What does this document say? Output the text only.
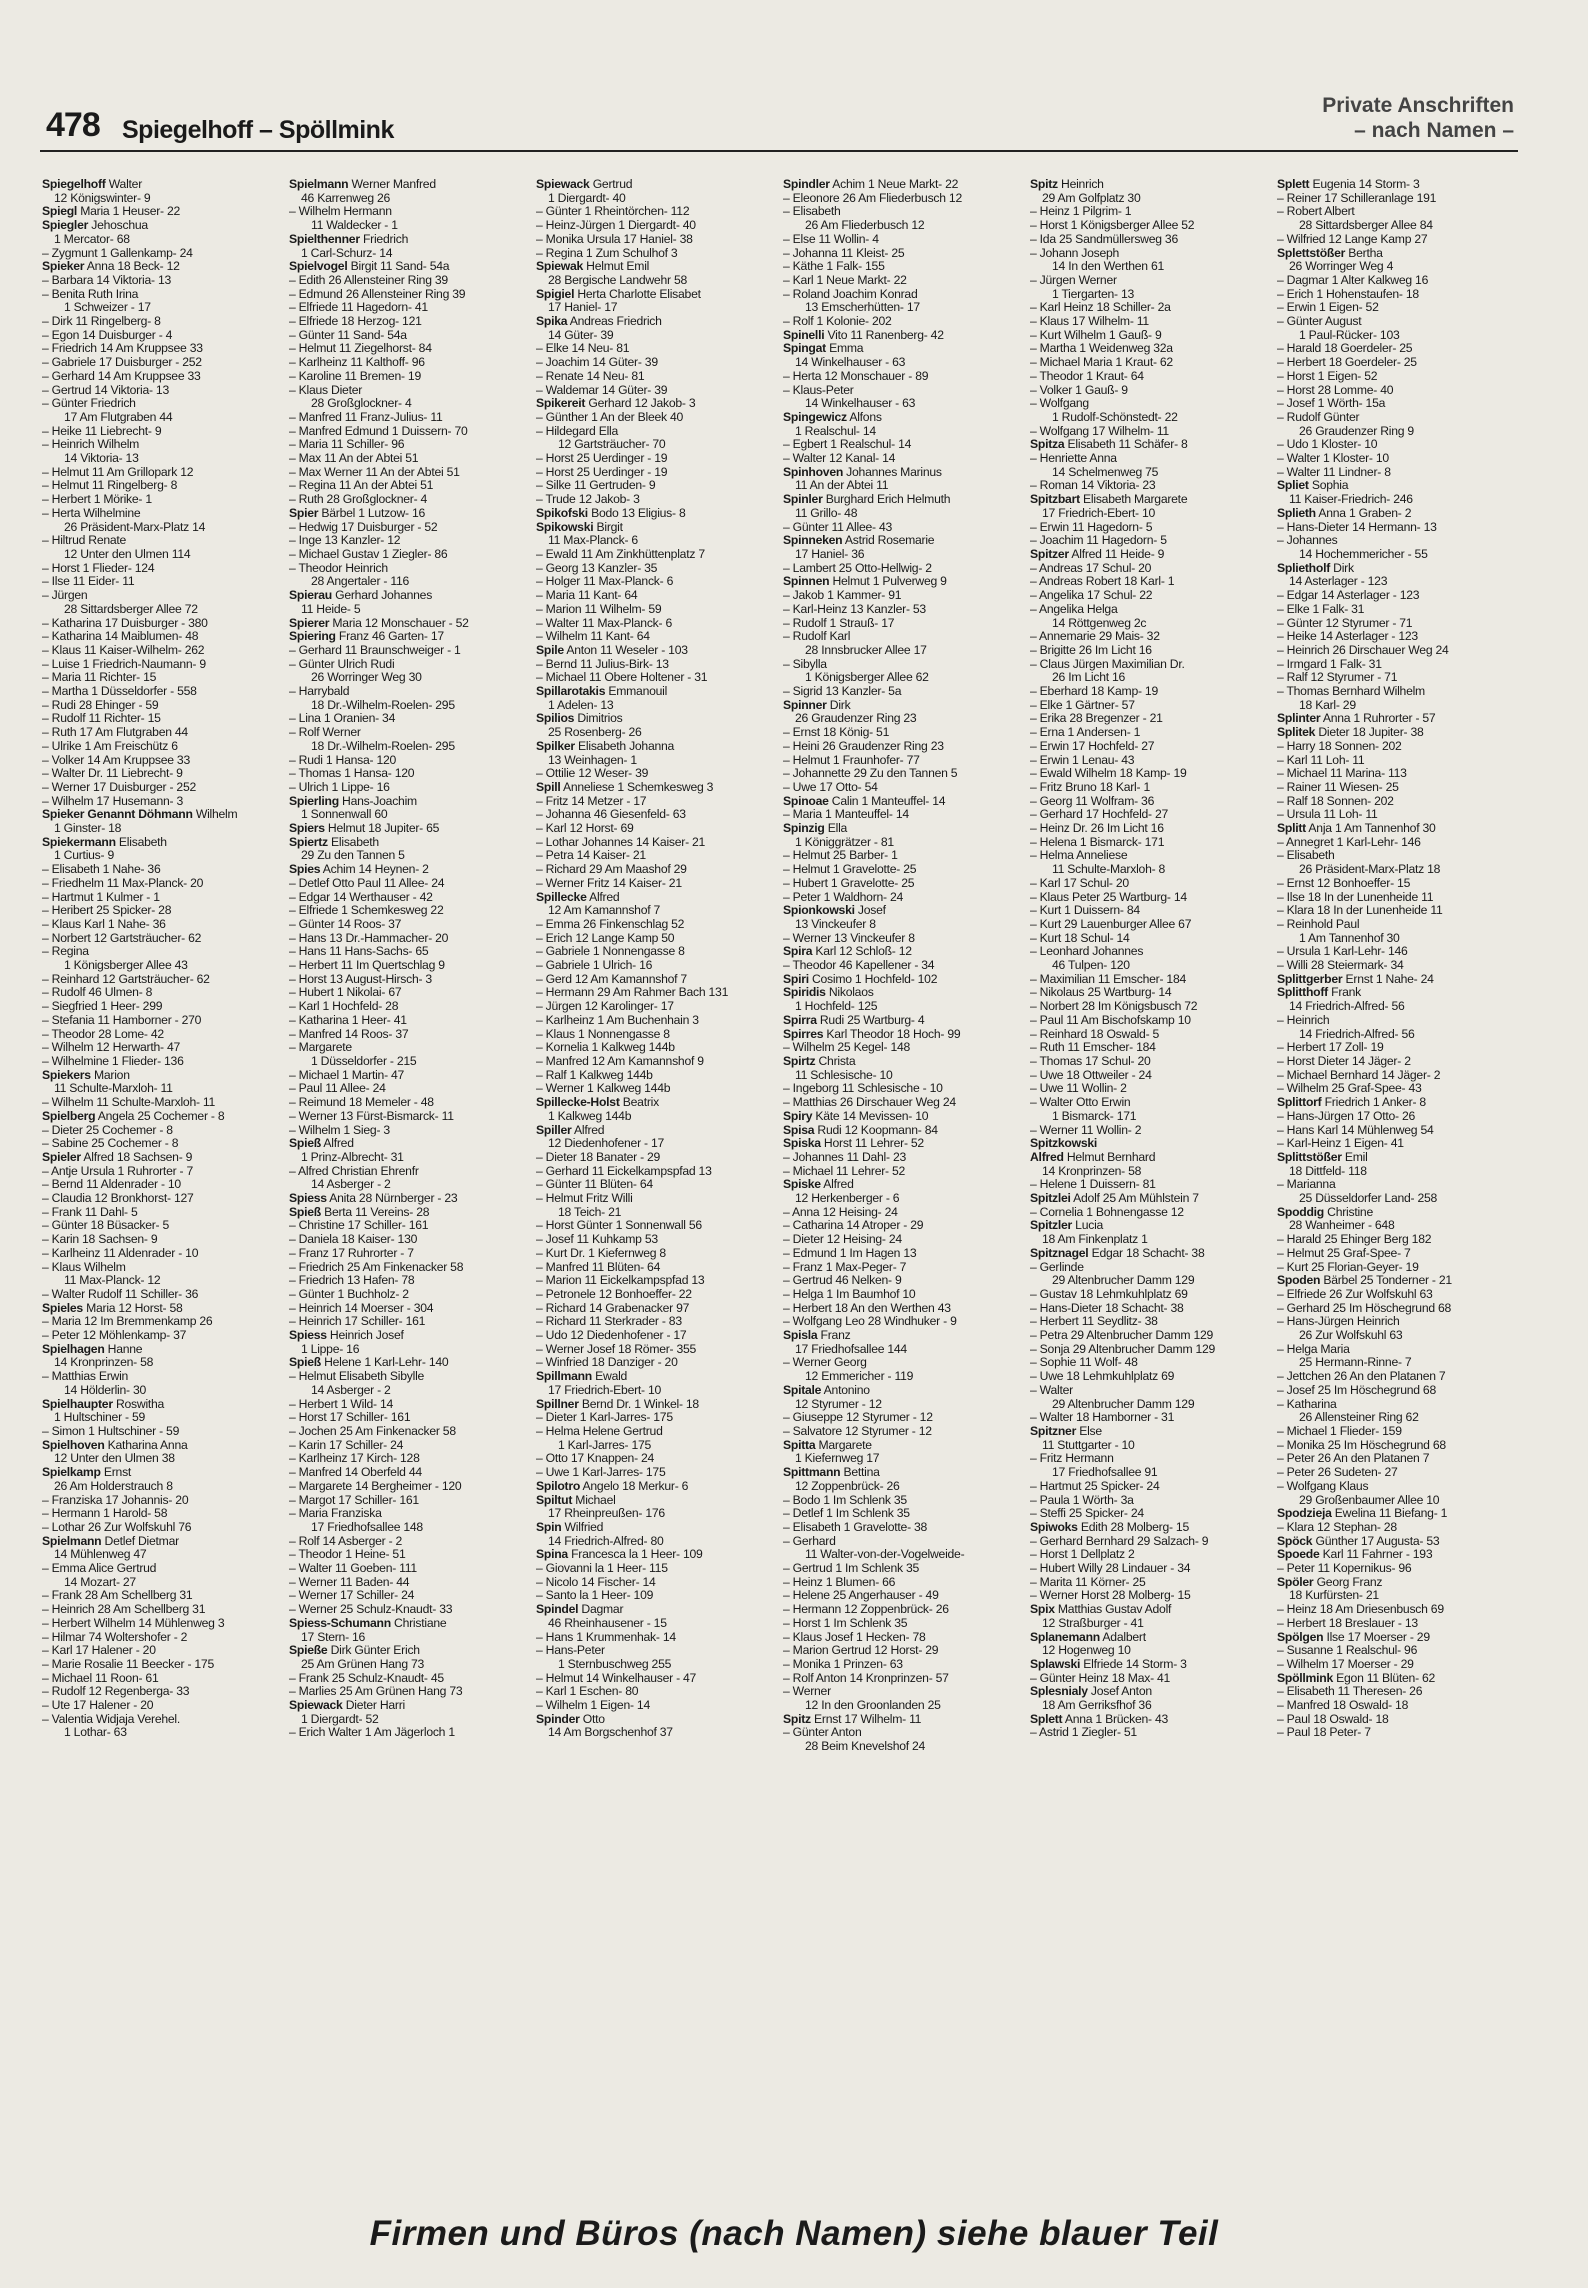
478 Spiegelhoff – Spöllmink
Private Anschriften
– nach Namen –
Spiegelhoff Walter
12 Königswinter- 9
Spiegl Maria 1 Heuser- 22
Spiegler Jehoschua
1 Mercator- 68
– Zygmunt 1 Gallenkamp- 24
Spieker Anna 18 Beck- 12
– Barbara 14 Viktoria- 13
– Benita Ruth Irina
1 Schweizer - 17
– Dirk 11 Ringelberg- 8
– Egon 14 Duisburger - 4
– Friedrich 14 Am Kruppsee 33
– Gabriele 17 Duisburger - 252
– Gerhard 14 Am Kruppsee 33
– Gertrud 14 Viktoria- 13
– Günter Friedrich
17 Am Flutgraben 44
– Heike 11 Liebrecht- 9
– Heinrich Wilhelm
14 Viktoria- 13
– Helmut 11 Am Grillopark 12
– Helmut 11 Ringelberg- 8
– Herbert 1 Mörike- 1
– Herta Wilhelmine
26 Präsident-Marx-Platz 14
– Hiltrud Renate
12 Unter den Ulmen 114
– Horst 1 Flieder- 124
– Ilse 11 Eider- 11
– Jürgen
28 Sittardsberger Allee 72
– Katharina 17 Duisburger - 380
– Katharina 14 Maiblumen- 48
– Klaus 11 Kaiser-Wilhelm- 262
– Luise 1 Friedrich-Naumann- 9
– Maria 11 Richter- 15
– Martha 1 Düsseldorfer - 558
– Rudi 28 Ehinger - 59
– Rudolf 11 Richter- 15
– Ruth 17 Am Flutgraben 44
– Ulrike 1 Am Freischütz 6
– Volker 14 Am Kruppsee 33
– Walter Dr. 11 Liebrecht- 9
– Werner 17 Duisburger - 252
– Wilhelm 17 Husemann- 3
Spieker Genannt Döhmann Wilhelm
1 Ginster- 18
Spiekermann Elisabeth
1 Curtius- 9
– Elisabeth 1 Nahe- 36
– Friedhelm 11 Max-Planck- 20
– Hartmut 1 Kulmer - 1
– Heribert 25 Spicker- 28
– Klaus Karl 1 Nahe- 36
– Norbert 12 Gartsträucher- 62
– Regina
1 Königsberger Allee 43
– Reinhard 12 Gartsträucher- 62
– Rudolf 46 Ulmen- 8
– Siegfried 1 Heer- 299
– Stefania 11 Hamborner - 270
– Theodor 28 Lome- 42
– Wilhelm 12 Herwarth- 47
– Wilhelmine 1 Flieder- 136
Spiekers Marion
11 Schulte-Marxloh- 11
– Wilhelm 11 Schulte-Marxloh- 11
Spielberg Angela 25 Cochemer - 8
– Dieter 25 Cochemer - 8
– Sabine 25 Cochemer - 8
Spieler Alfred 18 Sachsen- 9
– Antje Ursula 1 Ruhrorter - 7
– Bernd 11 Aldenrader - 10
– Claudia 12 Bronkhorst- 127
– Frank 11 Dahl- 5
– Günter 18 Büsacker- 5
– Karin 18 Sachsen- 9
– Karlheinz 11 Aldenrader - 10
– Klaus Wilhelm
11 Max-Planck- 12
– Walter Rudolf 11 Schiller- 36
Spieles Maria 12 Horst- 58
– Maria 12 Im Bremmenkamp 26
– Peter 12 Möhlenkamp- 37
Spielhagen Hanne
14 Kronprinzen- 58
– Matthias Erwin
14 Hölderlin- 30
Spielhaupter Roswitha
1 Hultschiner - 59
– Simon 1 Hultschiner - 59
Spielhoven Katharina Anna
12 Unter den Ulmen 38
Spielkamp Ernst
26 Am Holderstrauch 8
– Franziska 17 Johannis- 20
– Hermann 1 Harold- 58
– Lothar 26 Zur Wolfskuhl 76
Spielmann Detlef Dietmar
14 Mühlenweg 47
– Emma Alice Gertrud
14 Mozart- 27
– Frank 28 Am Schellberg 31
– Heinrich 28 Am Schellberg 31
– Herbert Wilhelm 14 Mühlenweg 3
– Hilmar 74 Woltershofer - 2
– Karl 17 Halener - 20
– Marie Rosalie 11 Beecker - 175
– Michael 11 Roon- 61
– Rudolf 12 Regenberga- 33
– Ute 17 Halener - 20
– Valentia Widjaja Verehel.
1 Lothar- 63
Spielmann Werner Manfred
46 Karrenweg 26
– Wilhelm Hermann
11 Waldecker - 1
Spielthenner Friedrich
1 Carl-Schurz- 14
Spielvogel Birgit 11 Sand- 54a
– Edith 26 Allensteiner Ring 39
– Edmund 26 Allensteiner Ring 39
– Elfriede 11 Hagedorn- 41
– Elfriede 18 Herzog- 121
– Günter 11 Sand- 54a
– Helmut 11 Ziegelhorst- 84
– Karlheinz 11 Kalthoff- 96
– Karoline 11 Bremen- 19
– Klaus Dieter
28 Großglockner- 4
– Manfred 11 Franz-Julius- 11
– Manfred Edmund 1 Duissern- 70
– Maria 11 Schiller- 96
– Max 11 An der Abtei 51
– Max Werner 11 An der Abtei 51
– Regina 11 An der Abtei 51
– Ruth 28 Großglockner- 4
Spier Bärbel 1 Lutzow- 16
– Hedwig 17 Duisburger - 52
– Inge 13 Kanzler- 12
– Michael Gustav 1 Ziegler- 86
– Theodor Heinrich
28 Angertaler - 116
Spierau Gerhard Johannes
11 Heide- 5
Spierer Maria 12 Monschauer - 52
Spiering Franz 46 Garten- 17
– Gerhard 11 Braunschweiger - 1
– Günter Ulrich Rudi
26 Worringer Weg 30
– Harrybald
18 Dr.-Wilhelm-Roelen- 295
– Lina 1 Oranien- 34
– Rolf Werner
18 Dr.-Wilhelm-Roelen- 295
– Rudi 1 Hansa- 120
– Thomas 1 Hansa- 120
– Ulrich 1 Lippe- 16
Spierling Hans-Joachim
1 Sonnenwall 60
Spiers Helmut 18 Jupiter- 65
Spiertz Elisabeth
29 Zu den Tannen 5
Spies Achim 14 Heynen- 2
– Detlef Otto Paul 11 Allee- 24
– Edgar 14 Werthauser - 42
– Elfriede 1 Schemkesweg 22
– Günter 14 Roos- 37
– Hans 13 Dr.-Hammacher- 20
– Hans 11 Hans-Sachs- 65
– Herbert 11 Im Quertschlag 9
– Horst 13 August-Hirsch- 3
– Hubert 1 Nikolai- 67
– Karl 1 Hochfeld- 28
– Katharina 1 Heer- 41
– Manfred 14 Roos- 37
– Margarete
1 Düsseldorfer - 215
– Michael 1 Martin- 47
– Paul 11 Allee- 24
– Reimund 18 Memeler - 48
– Werner 13 Fürst-Bismarck- 11
– Wilhelm 1 Sieg- 3
Spieß Alfred
1 Prinz-Albrecht- 31
– Alfred Christian Ehrenfr
14 Asberger - 2
Spiess Anita 28 Nürnberger - 23
Spieß Berta 11 Vereins- 28
– Christine 17 Schiller- 161
– Daniela 18 Kaiser- 130
– Franz 17 Ruhrorter - 7
– Friedrich 25 Am Finkenacker 58
– Friedrich 13 Hafen- 78
– Günter 1 Buchholz- 2
– Heinrich 14 Moerser - 304
– Heinrich 17 Schiller- 161
Spiess Heinrich Josef
1 Lippe- 16
Spieß Helene 1 Karl-Lehr- 140
– Helmut Elisabeth Sibylle
14 Asberger - 2
– Herbert 1 Wild- 14
– Horst 17 Schiller- 161
– Jochen 25 Am Finkenacker 58
– Karin 17 Schiller- 24
– Karlheinz 17 Kirch- 128
– Manfred 14 Oberfeld 44
– Margarete 14 Bergheimer - 120
– Margot 17 Schiller- 161
– Maria Franziska
17 Friedhofsallee 148
– Rolf 14 Asberger - 2
– Theodor 1 Heine- 51
– Walter 11 Goeben- 111
– Werner 11 Baden- 44
– Werner 17 Schiller- 24
– Werner 25 Schulz-Knaudt- 33
Spiess-Schumann Christiane
17 Stern- 16
Spieße Dirk Günter Erich
25 Am Grünen Hang 73
– Frank 25 Schulz-Knaudt- 45
– Marlies 25 Am Grünen Hang 73
Spiewack Dieter Harri
1 Diergardt- 52
– Erich Walter 1 Am Jägerloch 1
Spiewack Gertrud
1 Diergardt- 40
– Günter 1 Rheintörchen- 112
– Heinz-Jürgen 1 Diergardt- 40
– Monika Ursula 17 Haniel- 38
– Regina 1 Zum Schulhof 3
Spiewak Helmut Emil
28 Bergische Landwehr 58
Spigiel Herta Charlotte Elisabet
17 Haniel- 17
Spika Andreas Friedrich
14 Güter- 39
– Elke 14 Neu- 81
– Joachim 14 Güter- 39
– Renate 14 Neu- 81
– Waldemar 14 Güter- 39
Spikereit Gerhard 12 Jakob- 3
– Günther 1 An der Bleek 40
– Hildegard Ella
12 Gartsträucher- 70
– Horst 25 Uerdinger - 19
– Horst 25 Uerdinger - 19
– Silke 11 Gertruden- 9
– Trude 12 Jakob- 3
Spikofski Bodo 13 Eligius- 8
Spikowski Birgit
11 Max-Planck- 6
– Ewald 11 Am Zinkhüttenplatz 7
– Georg 13 Kanzler- 35
– Holger 11 Max-Planck- 6
– Maria 11 Kant- 64
– Marion 11 Wilhelm- 59
– Walter 11 Max-Planck- 6
– Wilhelm 11 Kant- 64
Spile Anton 11 Weseler - 103
– Bernd 11 Julius-Birk- 13
– Michael 11 Obere Holtener - 31
Spillarotakis Emmanouil
1 Adelen- 13
Spilios Dimitrios
25 Rosenberg- 26
Spilker Elisabeth Johanna
13 Weinhagen- 1
– Ottilie 12 Weser- 39
Spill Anneliese 1 Schemkesweg 3
– Fritz 14 Metzer - 17
– Johanna 46 Giesenfeld- 63
– Karl 12 Horst- 69
– Lothar Johannes 14 Kaiser- 21
– Petra 14 Kaiser- 21
– Richard 29 Am Maashof 29
– Werner Fritz 14 Kaiser- 21
Spillecke Alfred
12 Am Kamannshof 7
– Emma 26 Finkenschlag 52
– Erich 12 Lange Kamp 50
– Gabriele 1 Nonnengasse 8
– Gabriele 1 Ulrich- 16
– Gerd 12 Am Kamannshof 7
– Hermann 29 Am Rahmer Bach 131
– Jürgen 12 Karolinger- 17
– Karlheinz 1 Am Buchenhain 3
– Klaus 1 Nonnengasse 8
– Kornelia 1 Kalkweg 144b
– Manfred 12 Am Kamannshof 9
– Ralf 1 Kalkweg 144b
– Werner 1 Kalkweg 144b
Spillecke-Holst Beatrix
1 Kalkweg 144b
Spiller Alfred
12 Diedenhofener - 17
– Dieter 18 Banater - 29
– Gerhard 11 Eickelkampspfad 13
– Günter 11 Blüten- 64
– Helmut Fritz Willi
18 Teich- 21
– Horst Günter 1 Sonnenwall 56
– Josef 11 Kuhkamp 53
– Kurt Dr. 1 Kiefernweg 8
– Manfred 11 Blüten- 64
– Marion 11 Eickelkampspfad 13
– Petronele 12 Bonhoeffer- 22
– Richard 14 Grabenacker 97
– Richard 11 Sterkrader - 83
– Udo 12 Diedenhofener - 17
– Werner Josef 18 Römer- 355
– Winfried 18 Danziger - 20
Spillmann Ewald
17 Friedrich-Ebert- 10
Spillner Bernd Dr. 1 Winkel- 18
– Dieter 1 Karl-Jarres- 175
– Helma Helene Gertrud
1 Karl-Jarres- 175
– Otto 17 Knappen- 24
– Uwe 1 Karl-Jarres- 175
Spilotro Angelo 18 Merkur- 6
Spiltut Michael
17 Rheinpreußen- 176
Spin Wilfried
14 Friedrich-Alfred- 80
Spina Francesca la 1 Heer- 109
– Giovanni la 1 Heer- 115
– Nicolo 14 Fischer- 14
– Santo la 1 Heer- 109
Spindel Dagmar
46 Rheinhausener - 15
– Hans 1 Krummenhak- 14
– Hans-Peter
1 Sternbuschweg 255
– Helmut 14 Winkelhauser - 47
– Karl 1 Eschen- 80
– Wilhelm 1 Eigen- 14
Spinder Otto
14 Am Borgschenhof 37
Spindler Achim 1 Neue Markt- 22
– Eleonore 26 Am Fliederbusch 12
– Elisabeth
26 Am Fliederbusch 12
– Else 11 Wollin- 4
– Johanna 11 Kleist- 25
– Käthe 1 Falk- 155
– Karl 1 Neue Markt- 22
– Roland Joachim Konrad
13 Emscherhütten- 17
– Rolf 1 Kolonie- 202
Spinelli Vito 11 Ranenberg- 42
Spingat Emma
14 Winkelhauser - 63
– Herta 12 Monschauer - 89
– Klaus-Peter
14 Winkelhauser - 63
Spingewicz Alfons
1 Realschul- 14
– Egbert 1 Realschul- 14
– Walter 12 Kanal- 14
Spinhoven Johannes Marinus
11 An der Abtei 11
Spinler Burghard Erich Helmuth
11 Grillo- 48
– Günter 11 Allee- 43
Spinneken Astrid Rosemarie
17 Haniel- 36
– Lambert 25 Otto-Hellwig- 2
Spinnen Helmut 1 Pulverweg 9
– Jakob 1 Kammer- 91
– Karl-Heinz 13 Kanzler- 53
– Rudolf 1 Strauß- 17
– Rudolf Karl
28 Innsbrucker Allee 17
– Sibylla
1 Königsberger Allee 62
– Sigrid 13 Kanzler- 5a
Spinner Dirk
26 Graudenzer Ring 23
– Ernst 18 König- 51
– Heini 26 Graudenzer Ring 23
– Helmut 1 Fraunhofer- 77
– Johannette 29 Zu den Tannen 5
– Uwe 17 Otto- 54
Spinoae Calin 1 Manteuffel- 14
– Maria 1 Manteuffel- 14
Spinzig Ella
1 Königgrätzer - 81
– Helmut 25 Barber- 1
– Helmut 1 Gravelotte- 25
– Hubert 1 Gravelotte- 25
– Peter 1 Waldhorn- 24
Spionkowski Josef
13 Vinckeufer 8
– Werner 13 Vinckeufer 8
Spira Karl 12 Schloß- 12
– Theodor 46 Kapellener - 34
Spiri Cosimo 1 Hochfeld- 102
Spiridis Nikolaos
1 Hochfeld- 125
Spirra Rudi 25 Wartburg- 4
Spirres Karl Theodor 18 Hoch- 99
– Wilhelm 25 Kegel- 148
Spirtz Christa
11 Schlesische- 10
– Ingeborg 11 Schlesische - 10
– Matthias 26 Dirschauer Weg 24
Spiry Käte 14 Mevissen- 10
Spisa Rudi 12 Koopmann- 84
Spiska Horst 11 Lehrer- 52
– Johannes 11 Dahl- 23
– Michael 11 Lehrer- 52
Spiske Alfred
12 Herkenberger - 6
– Anna 12 Heising- 24
– Catharina 14 Atroper - 29
– Dieter 12 Heising- 24
– Edmund 1 Im Hagen 13
– Franz 1 Max-Peger- 7
– Gertrud 46 Nelken- 9
– Helga 1 Im Baumhof 10
– Herbert 18 An den Werthen 43
– Wolfgang Leo 28 Windhuker - 9
Spisla Franz
17 Friedhofsallee 144
– Werner Georg
12 Emmericher - 119
Spitale Antonino
12 Styrumer - 12
– Giuseppe 12 Styrumer - 12
– Salvatore 12 Styrumer - 12
Spitta Margarete
1 Kiefernweg 17
Spittmann Bettina
12 Zoppenbrück- 26
– Bodo 1 Im Schlenk 35
– Detlef 1 Im Schlenk 35
– Elisabeth 1 Gravelotte- 38
– Gerhard
11 Walter-von-der-Vogelweide-
– Gertrud 1 Im Schlenk 35
– Heinz 1 Blumen- 66
– Helene 25 Angerhauser - 49
– Hermann 12 Zoppenbrück- 26
– Horst 1 Im Schlenk 35
– Klaus Josef 1 Hecken- 78
– Marion Gertrud 12 Horst- 29
– Monika 1 Prinzen- 63
– Rolf Anton 14 Kronprinzen- 57
– Werner
12 In den Groonlanden 25
Spitz Ernst 17 Wilhelm- 11
– Günter Anton
28 Beim Knevelshof 24
Spitz Heinrich
29 Am Golfplatz 30
– Heinz 1 Pilgrim- 1
– Horst 1 Königsberger Allee 52
– Ida 25 Sandmüllersweg 36
– Johann Joseph
14 In den Werthen 61
– Jürgen Werner
1 Tiergarten- 13
– Karl Heinz 18 Schiller- 2a
– Klaus 17 Wilhelm- 11
– Kurt Wilhelm 1 Gauß- 9
– Martha 1 Weidenweg 32a
– Michael Maria 1 Kraut- 62
– Theodor 1 Kraut- 64
– Volker 1 Gauß- 9
– Wolfgang
1 Rudolf-Schönstedt- 22
– Wolfgang 17 Wilhelm- 11
Spitza Elisabeth 11 Schäfer- 8
– Henriette Anna
14 Schelmenweg 75
– Roman 14 Viktoria- 23
Spitzbart Elisabeth Margarete
17 Friedrich-Ebert- 10
– Erwin 11 Hagedorn- 5
– Joachim 11 Hagedorn- 5
Spitzer Alfred 11 Heide- 9
– Andreas 17 Schul- 20
– Andreas Robert 18 Karl- 1
– Angelika 17 Schul- 22
– Angelika Helga
14 Röttgenweg 2c
– Annemarie 29 Mais- 32
– Brigitte 26 Im Licht 16
– Claus Jürgen Maximilian Dr.
26 Im Licht 16
– Eberhard 18 Kamp- 19
– Elke 1 Gärtner- 57
– Erika 28 Bregenzer - 21
– Erna 1 Andersen- 1
– Erwin 17 Hochfeld- 27
– Erwin 1 Lenau- 43
– Ewald Wilhelm 18 Kamp- 19
– Fritz Bruno 18 Karl- 1
– Georg 11 Wolfram- 36
– Gerhard 17 Hochfeld- 27
– Heinz Dr. 26 Im Licht 16
– Helena 1 Bismarck- 171
– Helma Anneliese
11 Schulte-Marxloh- 8
– Karl 17 Schul- 20
– Klaus Peter 25 Wartburg- 14
– Kurt 1 Duissern- 84
– Kurt 29 Lauenburger Allee 67
– Kurt 18 Schul- 14
– Leonhard Johannes
46 Tulpen- 120
– Maximilian 11 Emscher- 184
– Nikolaus 25 Wartburg- 14
– Norbert 28 Im Königsbusch 72
– Paul 11 Am Bischofskamp 10
– Reinhard 18 Oswald- 5
– Ruth 11 Emscher- 184
– Thomas 17 Schul- 20
– Uwe 18 Ottweiler - 24
– Uwe 11 Wollin- 2
– Walter Otto Erwin
1 Bismarck- 171
– Werner 11 Wollin- 2
Spitzkowski
Alfred Helmut Bernhard
14 Kronprinzen- 58
– Helene 1 Duissern- 81
Spitzlei Adolf 25 Am Mühlstein 7
– Cornelia 1 Bohnengasse 12
Spitzler Lucia
18 Am Finkenplatz 1
Spitznagel Edgar 18 Schacht- 38
– Gerlinde
29 Altenbrucher Damm 129
– Gustav 18 Lehmkuhlplatz 69
– Hans-Dieter 18 Schacht- 38
– Herbert 11 Seydlitz- 38
– Petra 29 Altenbrucher Damm 129
– Sonja 29 Altenbrucher Damm 129
– Sophie 11 Wolf- 48
– Uwe 18 Lehmkuhlplatz 69
– Walter
29 Altenbrucher Damm 129
– Walter 18 Hamborner - 31
Spitzner Else
11 Stuttgarter - 10
– Fritz Hermann
17 Friedhofsallee 91
– Hartmut 25 Spicker- 24
– Paula 1 Wörth- 3a
– Steffi 25 Spicker- 24
Spiwoks Edith 28 Molberg- 15
– Gerhard Bernhard 29 Salzach- 9
– Horst 1 Dellplatz 2
– Hubert Willy 28 Lindauer - 34
– Marita 11 Körner- 25
– Werner Horst 28 Molberg- 15
Spix Matthias Gustav Adolf
12 Straßburger - 41
Splanemann Adalbert
12 Hogenweg 10
Splawski Elfriede 14 Storm- 3
– Günter Heinz 18 Max- 41
Splesnialy Josef Anton
18 Am Gerriksfhof 36
Splett Anna 1 Brücken- 43
– Astrid 1 Ziegler- 51
Splett Eugenia 14 Storm- 3
– Reiner 17 Schilleranlage 191
– Robert Albert
28 Sittardsberger Allee 84
– Wilfried 12 Lange Kamp 27
Splettstößer Bertha
26 Worringer Weg 4
– Dagmar 1 Alter Kalkweg 16
– Erich 1 Hohenstaufen- 18
– Erwin 1 Eigen- 52
– Günter August
1 Paul-Rücker- 103
– Harald 18 Goerdeler- 25
– Herbert 18 Goerdeler- 25
– Horst 1 Eigen- 52
– Horst 28 Lomme- 40
– Josef 1 Wörth- 15a
– Rudolf Günter
26 Graudenzer Ring 9
– Udo 1 Kloster- 10
– Walter 1 Kloster- 10
– Walter 11 Lindner- 8
Spliet Sophia
11 Kaiser-Friedrich- 246
Splieth Anna 1 Graben- 2
– Hans-Dieter 14 Hermann- 13
– Johannes
14 Hochemmericher - 55
Splietholf Dirk
14 Asterlager - 123
– Edgar 14 Asterlager - 123
– Elke 1 Falk- 31
– Günter 12 Styrumer - 71
– Heike 14 Asterlager - 123
– Heinrich 26 Dirschauer Weg 24
– Irmgard 1 Falk- 31
– Ralf 12 Styrumer - 71
– Thomas Bernhard Wilhelm
18 Karl- 29
Splinter Anna 1 Ruhrorter - 57
Splitek Dieter 18 Jupiter- 38
– Harry 18 Sonnen- 202
– Karl 11 Loh- 11
– Michael 11 Marina- 113
– Rainer 11 Wiesen- 25
– Ralf 18 Sonnen- 202
– Ursula 11 Loh- 11
Splitt Anja 1 Am Tannenhof 30
– Annegret 1 Karl-Lehr- 146
– Elisabeth
26 Präsident-Marx-Platz 18
– Ernst 12 Bonhoeffer- 15
– Ilse 18 In der Lunenheide 11
– Klara 18 In der Lunenheide 11
– Reinhold Paul
1 Am Tannenhof 30
– Ursula 1 Karl-Lehr- 146
– Willi 28 Steiermark- 34
Splittgerber Ernst 1 Nahe- 24
Splitthoff Frank
14 Friedrich-Alfred- 56
– Heinrich
14 Friedrich-Alfred- 56
– Herbert 17 Zoll- 19
– Horst Dieter 14 Jäger- 2
– Michael Bernhard 14 Jäger- 2
– Wilhelm 25 Graf-Spee- 43
Splittorf Friedrich 1 Anker- 8
– Hans-Jürgen 17 Otto- 26
– Hans Karl 14 Mühlenweg 54
– Karl-Heinz 1 Eigen- 41
Splittstößer Emil
18 Dittfeld- 118
– Marianna
25 Düsseldorfer Land- 258
Spoddig Christine
28 Wanheimer - 648
– Harald 25 Ehinger Berg 182
– Helmut 25 Graf-Spee- 7
– Kurt 25 Florian-Geyer- 19
Spoden Bärbel 25 Tonderner - 21
– Elfriede 26 Zur Wolfskuhl 63
– Gerhard 25 Im Höschegrund 68
– Hans-Jürgen Heinrich
26 Zur Wolfskuhl 63
– Helga Maria
25 Hermann-Rinne- 7
– Jettchen 26 An den Platanen 7
– Josef 25 Im Höschegrund 68
– Katharina
26 Allensteiner Ring 62
– Michael 1 Flieder- 159
– Monika 25 Im Höschegrund 68
– Peter 26 An den Platanen 7
– Peter 26 Sudeten- 27
– Wolfgang Klaus
29 Großenbaumer Allee 10
Spodzieja Ewelina 11 Biefang- 1
– Klara 12 Stephan- 28
Spöck Günther 17 Augusta- 53
Spoede Karl 11 Fahrner - 193
– Peter 11 Kopernikus- 96
Spöler Georg Franz
18 Kurfürsten- 21
– Heinz 18 Am Driesenbusch 69
– Herbert 18 Breslauer - 13
Spölgen Ilse 17 Moerser - 29
– Susanne 1 Realschul- 96
– Wilhelm 17 Moerser - 29
Spöllmink Egon 11 Blüten- 62
– Elisabeth 11 Theresen- 26
– Manfred 18 Oswald- 18
– Paul 18 Oswald- 18
– Paul 18 Peter- 7
Firmen und Büros (nach Namen) siehe blauer Teil
